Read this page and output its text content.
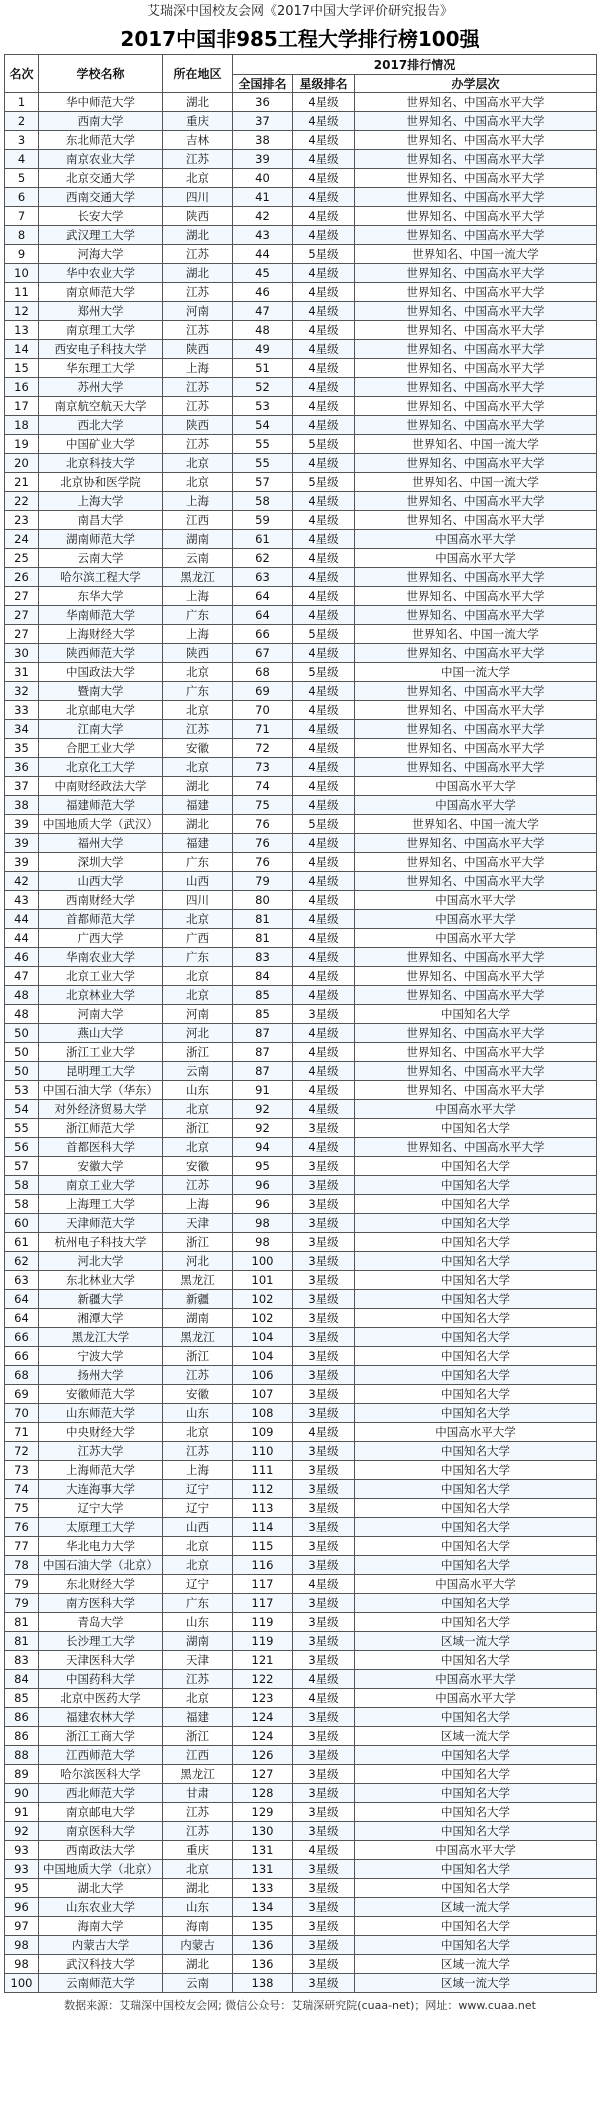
艾瑞深中国校友会网《2017中国大学评价研究报告》
2017中国非985工程大学排行榜100强
名次	学校名称	所在地区	2017排行情况		
			全国排名	星级排名	办学层次
1	华中师范大学	湖北	36	4星级	世界知名、中国高水平大学
2	西南大学	重庆	37	4星级	世界知名、中国高水平大学
3	东北师范大学	吉林	38	4星级	世界知名、中国高水平大学
4	南京农业大学	江苏	39	4星级	世界知名、中国高水平大学
5	北京交通大学	北京	40	4星级	世界知名、中国高水平大学
6	西南交通大学	四川	41	4星级	世界知名、中国高水平大学
7	长安大学	陕西	42	4星级	世界知名、中国高水平大学
8	武汉理工大学	湖北	43	4星级	世界知名、中国高水平大学
9	河海大学	江苏	44	5星级	世界知名、中国一流大学
10	华中农业大学	湖北	45	4星级	世界知名、中国高水平大学
11	南京师范大学	江苏	46	4星级	世界知名、中国高水平大学
12	郑州大学	河南	47	4星级	世界知名、中国高水平大学
13	南京理工大学	江苏	48	4星级	世界知名、中国高水平大学
14	西安电子科技大学	陕西	49	4星级	世界知名、中国高水平大学
15	华东理工大学	上海	51	4星级	世界知名、中国高水平大学
16	苏州大学	江苏	52	4星级	世界知名、中国高水平大学
17	南京航空航天大学	江苏	53	4星级	世界知名、中国高水平大学
18	西北大学	陕西	54	4星级	世界知名、中国高水平大学
19	中国矿业大学	江苏	55	5星级	世界知名、中国一流大学
20	北京科技大学	北京	55	4星级	世界知名、中国高水平大学
21	北京协和医学院	北京	57	5星级	世界知名、中国一流大学
22	上海大学	上海	58	4星级	世界知名、中国高水平大学
23	南昌大学	江西	59	4星级	世界知名、中国高水平大学
24	湖南师范大学	湖南	61	4星级	中国高水平大学
25	云南大学	云南	62	4星级	中国高水平大学
26	哈尔滨工程大学	黑龙江	63	4星级	世界知名、中国高水平大学
27	东华大学	上海	64	4星级	世界知名、中国高水平大学
27	华南师范大学	广东	64	4星级	世界知名、中国高水平大学
27	上海财经大学	上海	66	5星级	世界知名、中国一流大学
30	陕西师范大学	陕西	67	4星级	世界知名、中国高水平大学
31	中国政法大学	北京	68	5星级	中国一流大学
32	暨南大学	广东	69	4星级	世界知名、中国高水平大学
33	北京邮电大学	北京	70	4星级	世界知名、中国高水平大学
34	江南大学	江苏	71	4星级	世界知名、中国高水平大学
35	合肥工业大学	安徽	72	4星级	世界知名、中国高水平大学
36	北京化工大学	北京	73	4星级	世界知名、中国高水平大学
37	中南财经政法大学	湖北	74	4星级	中国高水平大学
38	福建师范大学	福建	75	4星级	中国高水平大学
39	中国地质大学（武汉）	湖北	76	5星级	世界知名、中国一流大学
39	福州大学	福建	76	4星级	世界知名、中国高水平大学
39	深圳大学	广东	76	4星级	世界知名、中国高水平大学
42	山西大学	山西	79	4星级	世界知名、中国高水平大学
43	西南财经大学	四川	80	4星级	中国高水平大学
44	首都师范大学	北京	81	4星级	中国高水平大学
44	广西大学	广西	81	4星级	中国高水平大学
46	华南农业大学	广东	83	4星级	世界知名、中国高水平大学
47	北京工业大学	北京	84	4星级	世界知名、中国高水平大学
48	北京林业大学	北京	85	4星级	世界知名、中国高水平大学
48	河南大学	河南	85	3星级	中国知名大学
50	燕山大学	河北	87	4星级	世界知名、中国高水平大学
50	浙江工业大学	浙江	87	4星级	世界知名、中国高水平大学
50	昆明理工大学	云南	87	4星级	世界知名、中国高水平大学
53	中国石油大学（华东）	山东	91	4星级	世界知名、中国高水平大学
54	对外经济贸易大学	北京	92	4星级	中国高水平大学
55	浙江师范大学	浙江	92	3星级	中国知名大学
56	首都医科大学	北京	94	4星级	世界知名、中国高水平大学
57	安徽大学	安徽	95	3星级	中国知名大学
58	南京工业大学	江苏	96	3星级	中国知名大学
58	上海理工大学	上海	96	3星级	中国知名大学
60	天津师范大学	天津	98	3星级	中国知名大学
61	杭州电子科技大学	浙江	98	3星级	中国知名大学
62	河北大学	河北	100	3星级	中国知名大学
63	东北林业大学	黑龙江	101	3星级	中国知名大学
64	新疆大学	新疆	102	3星级	中国知名大学
64	湘潭大学	湖南	102	3星级	中国知名大学
66	黑龙江大学	黑龙江	104	3星级	中国知名大学
66	宁波大学	浙江	104	3星级	中国知名大学
68	扬州大学	江苏	106	3星级	中国知名大学
69	安徽师范大学	安徽	107	3星级	中国知名大学
70	山东师范大学	山东	108	3星级	中国知名大学
71	中央财经大学	北京	109	4星级	中国高水平大学
72	江苏大学	江苏	110	3星级	中国知名大学
73	上海师范大学	上海	111	3星级	中国知名大学
74	大连海事大学	辽宁	112	3星级	中国知名大学
75	辽宁大学	辽宁	113	3星级	中国知名大学
76	太原理工大学	山西	114	3星级	中国知名大学
77	华北电力大学	北京	115	3星级	中国知名大学
78	中国石油大学（北京）	北京	116	3星级	中国知名大学
79	东北财经大学	辽宁	117	4星级	中国高水平大学
79	南方医科大学	广东	117	3星级	中国知名大学
81	青岛大学	山东	119	3星级	中国知名大学
81	长沙理工大学	湖南	119	3星级	区域一流大学
83	天津医科大学	天津	121	3星级	中国知名大学
84	中国药科大学	江苏	122	4星级	中国高水平大学
85	北京中医药大学	北京	123	4星级	中国高水平大学
86	福建农林大学	福建	124	3星级	中国知名大学
86	浙江工商大学	浙江	124	3星级	区域一流大学
88	江西师范大学	江西	126	3星级	中国知名大学
89	哈尔滨医科大学	黑龙江	127	3星级	中国知名大学
90	西北师范大学	甘肃	128	3星级	中国知名大学
91	南京邮电大学	江苏	129	3星级	中国知名大学
92	南京医科大学	江苏	130	3星级	中国知名大学
93	西南政法大学	重庆	131	4星级	中国高水平大学
93	中国地质大学（北京）	北京	131	3星级	中国知名大学
95	湖北大学	湖北	133	3星级	中国知名大学
96	山东农业大学	山东	134	3星级	区域一流大学
97	海南大学	海南	135	3星级	中国知名大学
98	内蒙古大学	内蒙古	136	3星级	中国知名大学
98	武汉科技大学	湖北	136	3星级	区域一流大学
100	云南师范大学	云南	138	3星级	区域一流大学
数据来源：艾瑞深中国校友会网; 微信公众号：艾瑞深研究院(cuaa-net)；网址：www.cuaa.net
